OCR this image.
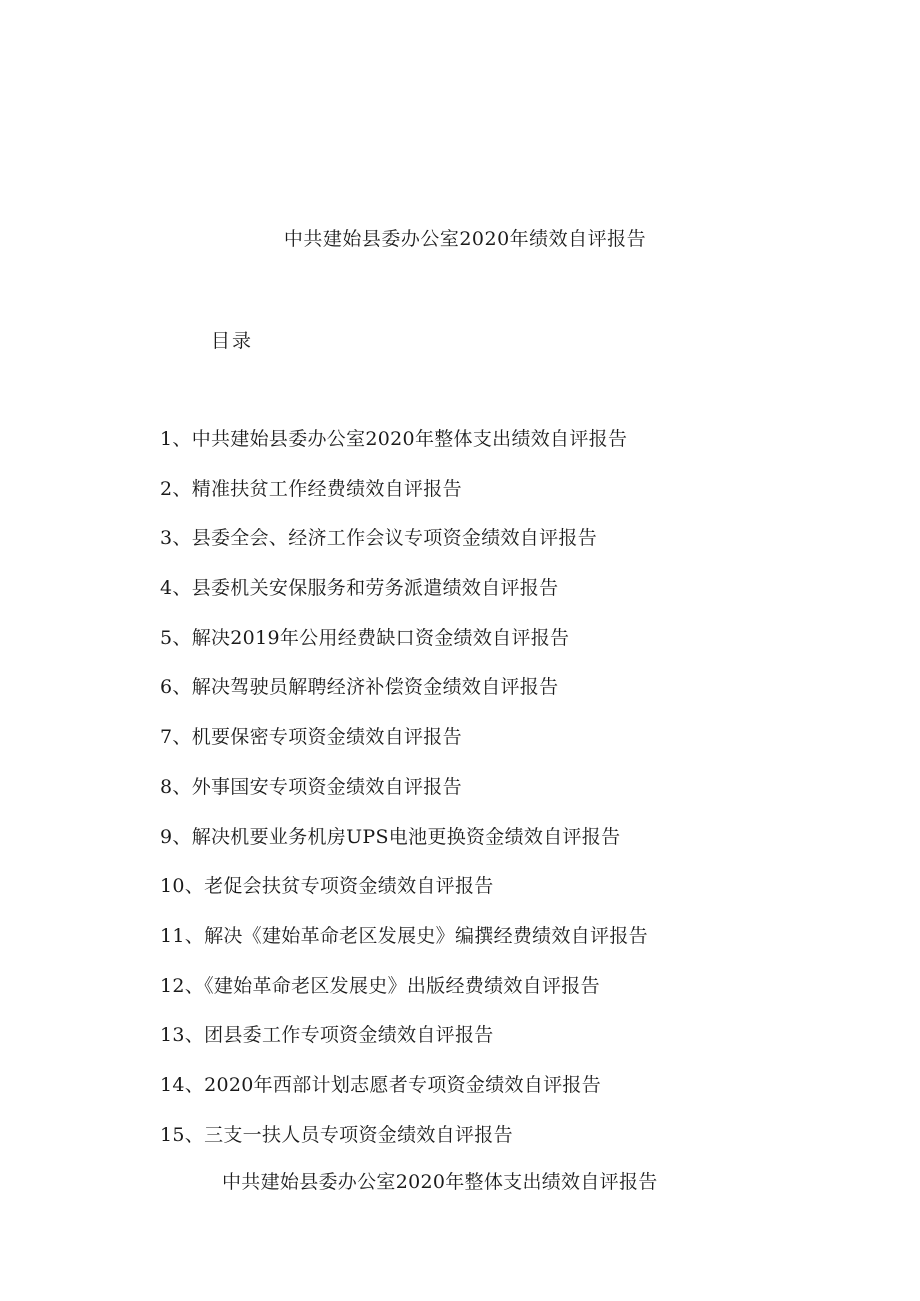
中共建始县委办公室2020年绩效自评报告
目录
1、中共建始县委办公室2020年整体支出绩效自评报告
2、精准扶贫工作经费绩效自评报告
3、县委全会、经济工作会议专项资金绩效自评报告
4、县委机关安保服务和劳务派遣绩效自评报告
5、解决2019年公用经费缺口资金绩效自评报告
6、解决驾驶员解聘经济补偿资金绩效自评报告
7、机要保密专项资金绩效自评报告
8、外事国安专项资金绩效自评报告
9、解决机要业务机房UPS电池更换资金绩效自评报告
10、老促会扶贫专项资金绩效自评报告
11、解决《建始革命老区发展史》编撰经费绩效自评报告
12、《建始革命老区发展史》出版经费绩效自评报告
13、团县委工作专项资金绩效自评报告
14、2020年西部计划志愿者专项资金绩效自评报告
15、三支一扶人员专项资金绩效自评报告
中共建始县委办公室2020年整体支出绩效自评报告
